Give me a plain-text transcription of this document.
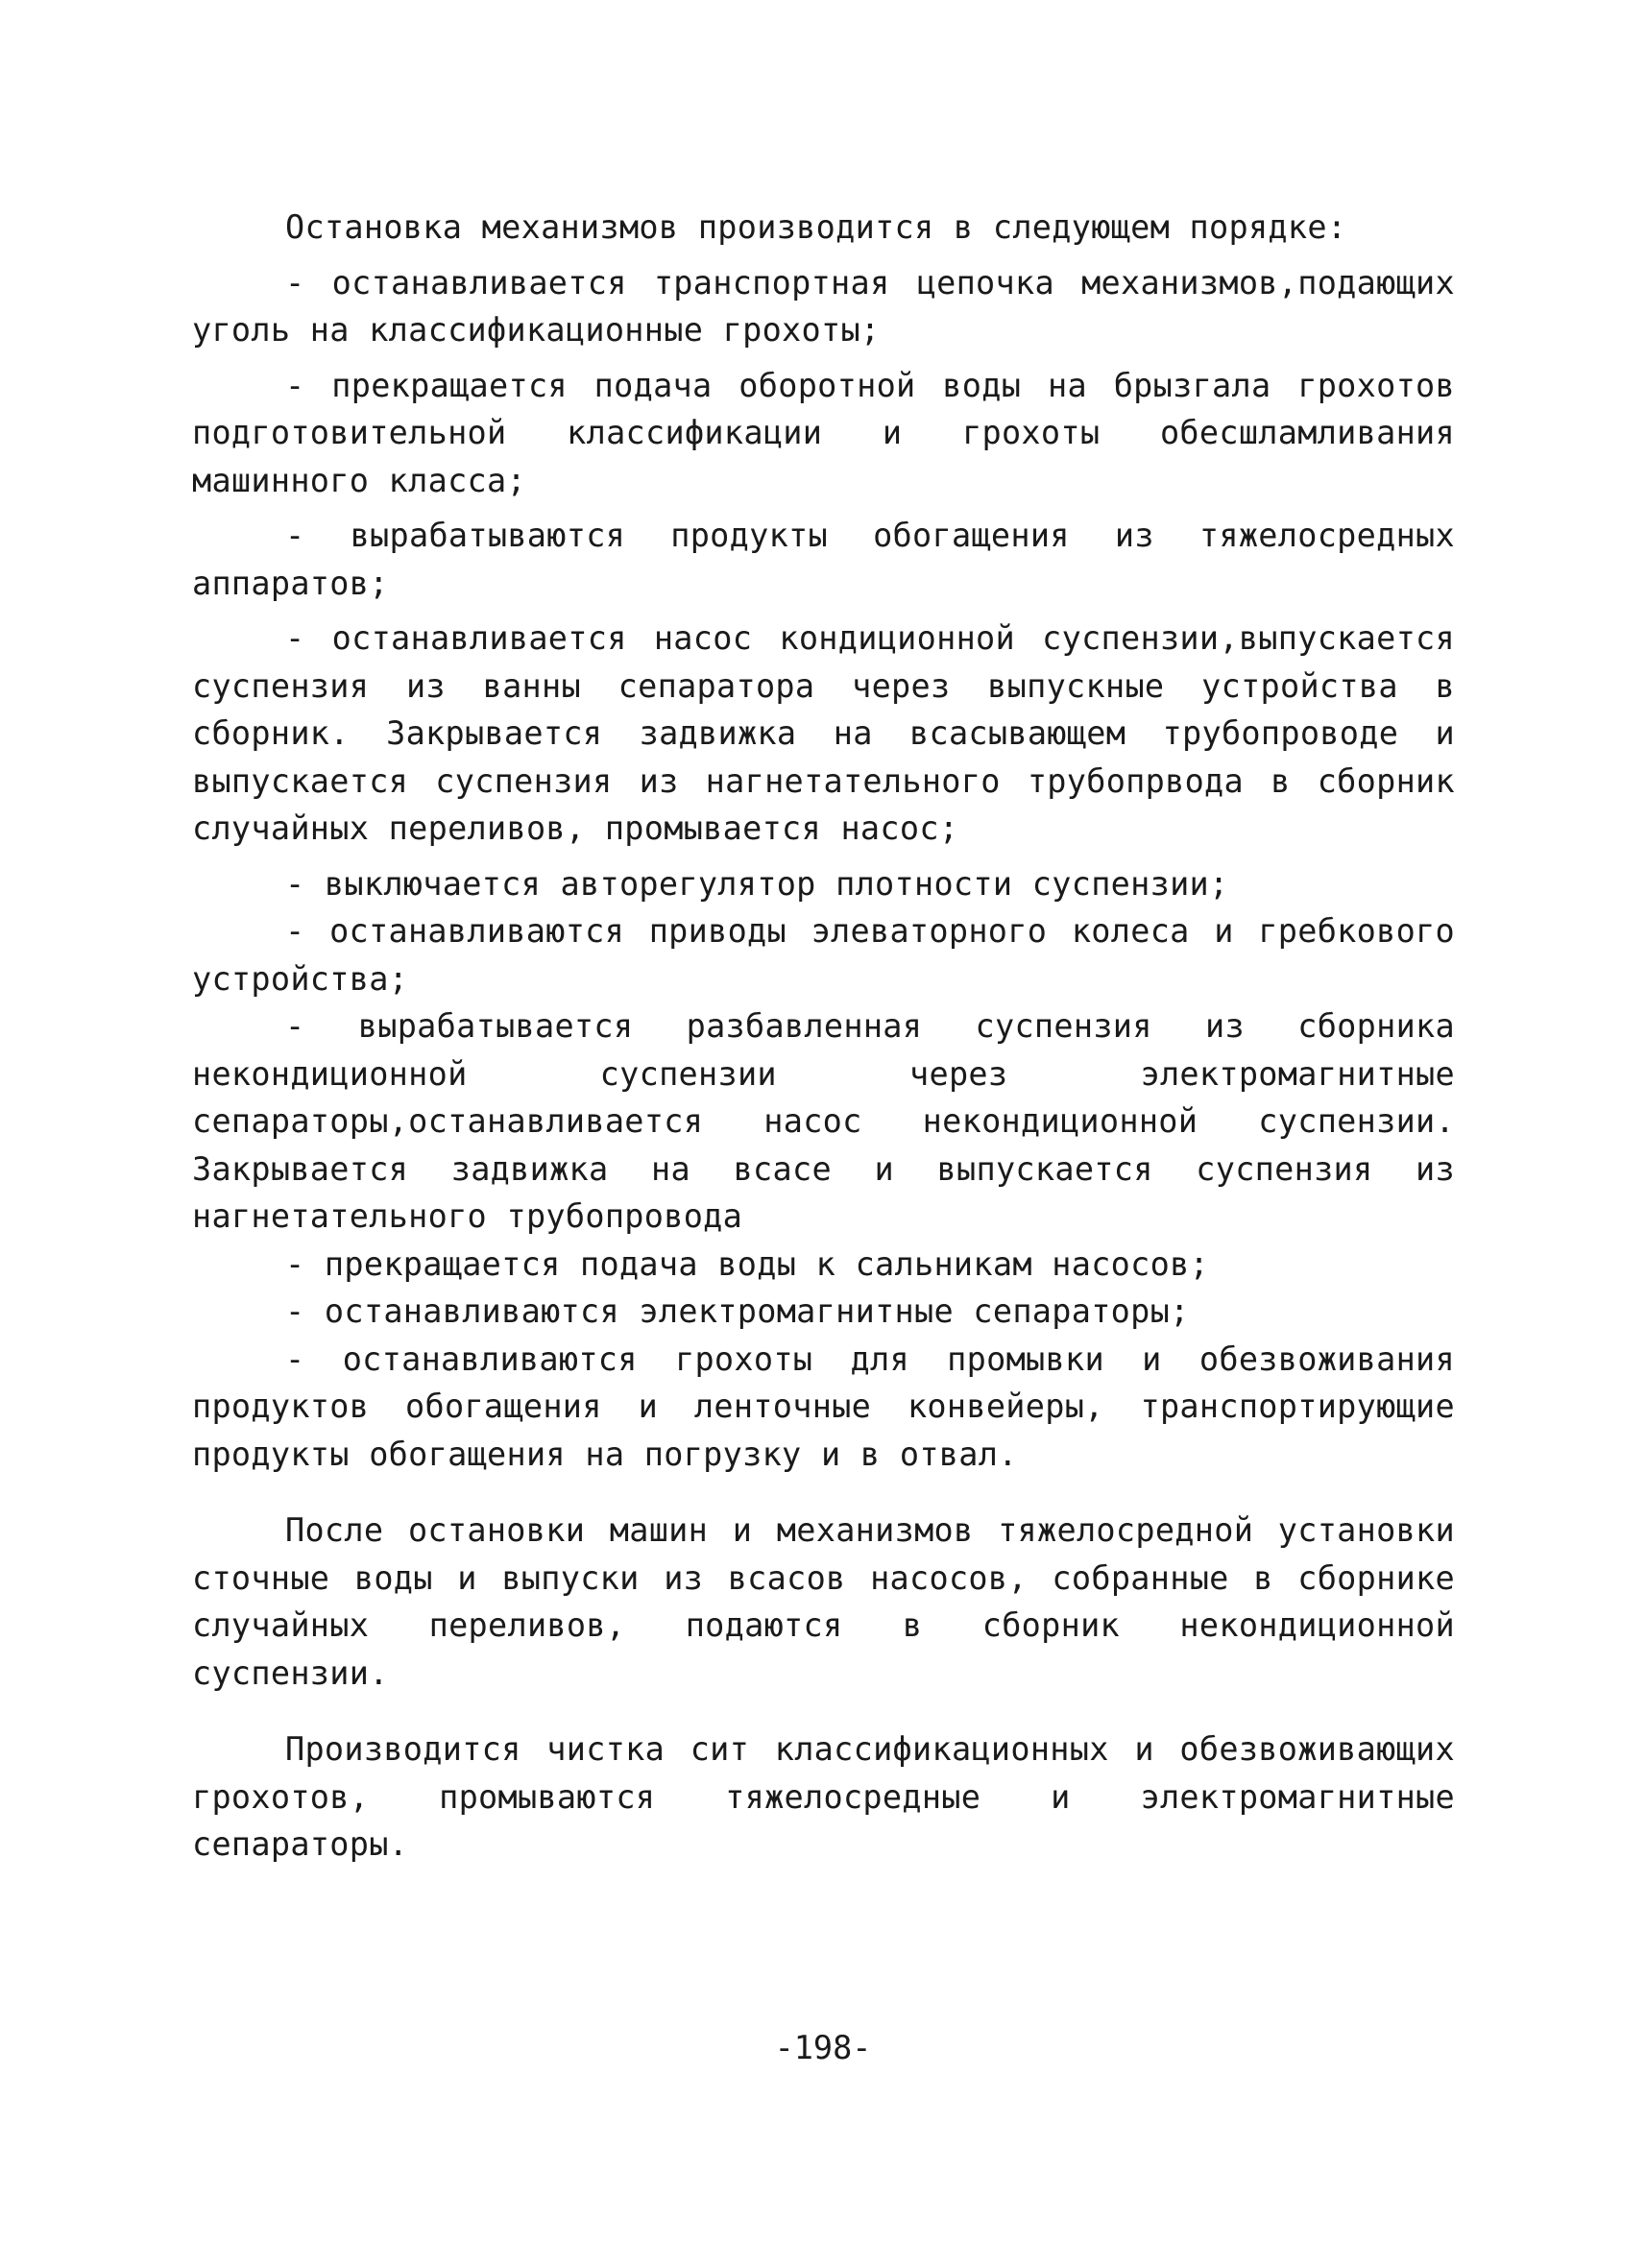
Остановка механизмов производится в следующем порядке:

- останавливается транспортная цепочка механизмов,подающих уголь на классификационные грохоты;

- прекращается подача оборотной воды на брызгала грохотов подготовительной классификации и грохоты обесшламливания машинного класса;

- вырабатываются продукты обогащения из тяжелосредных аппаратов;

- останавливается насос кондиционной суспензии,выпускается суспензия из ванны сепаратора через выпускные устройства в сборник. Закрывается задвижка на всасывающем трубопроводе и выпускается суспензия из нагнетательного трубопрвода в сборник случайных переливов, промывается насос;

- выключается авторегулятор плотности суспензии;

- останавливаются приводы элеваторного колеса и гребкового устройства;

- вырабатывается разбавленная суспензия из сборника некондиционной суспензии через электромагнитные сепараторы,останавливается насос некондиционной суспензии. Закрывается задвижка на всасе и выпускается суспензия из нагнетательного трубопровода

- прекращается подача воды к сальникам насосов;

- останавливаются электромагнитные сепараторы;

- останавливаются грохоты для промывки и обезвоживания продуктов обогащения и ленточные конвейеры, транспортирующие продукты обогащения на погрузку и в отвал.

После остановки машин и механизмов тяжелосредной установки сточные воды и выпуски из всасов насосов, собранные в сборнике случайных переливов, подаются в сборник некондиционной суспензии.

Производится чистка сит классификационных и обезвоживающих грохотов, промываются тяжелосредные и электромагнитные сепараторы.

-198-
